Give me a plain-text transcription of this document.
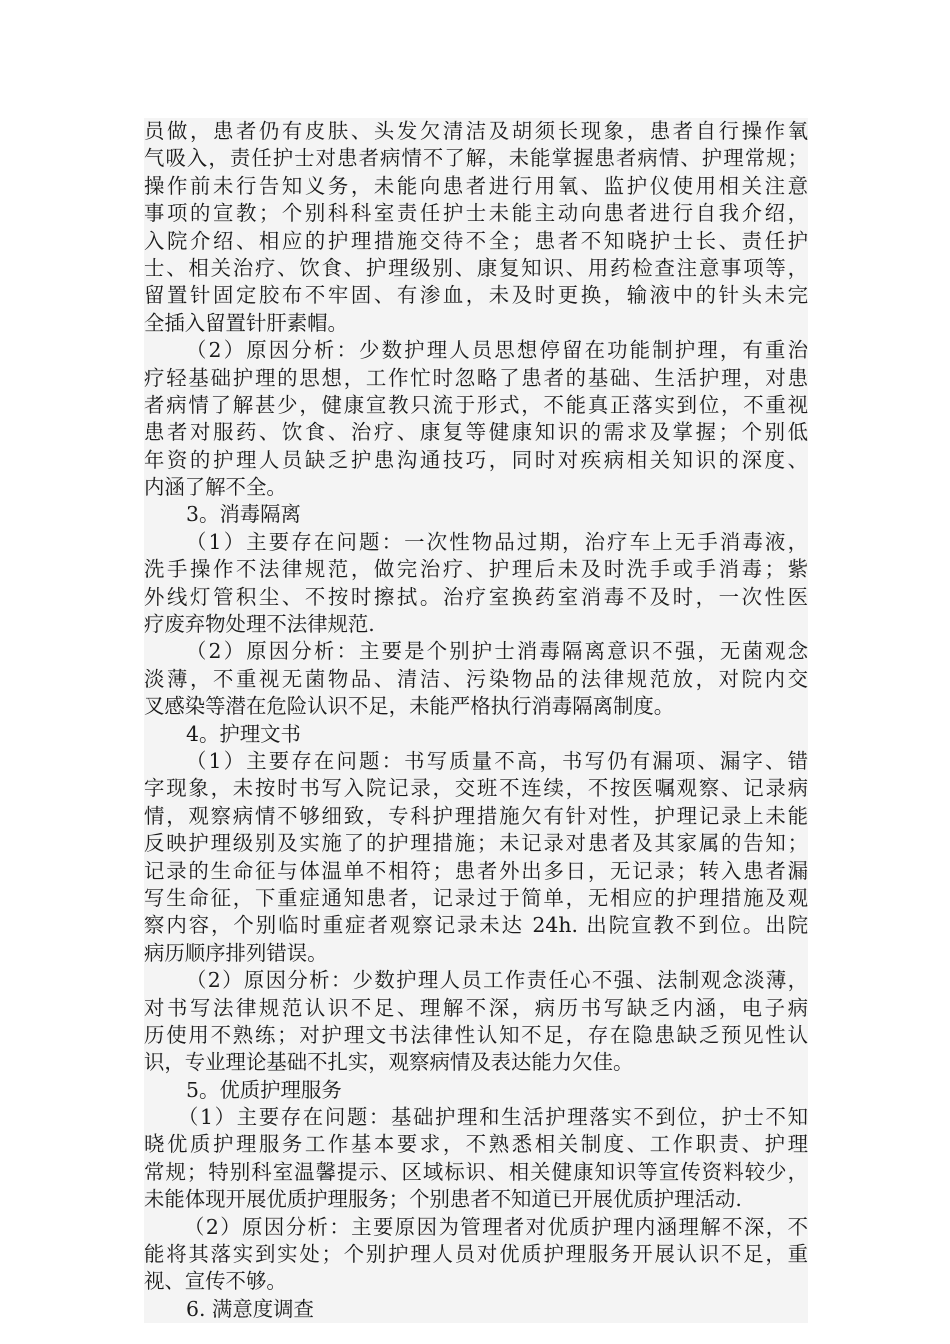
员做，患者仍有皮肤、头发欠清洁及胡须长现象，患者自行操作氧
气吸入，责任护士对患者病情不了解，未能掌握患者病情、护理常规；
操作前未行告知义务，未能向患者进行用氧、监护仪使用相关注意
事项的宣教；个别科科室责任护士未能主动向患者进行自我介绍，
入院介绍、相应的护理措施交待不全；患者不知晓护士长、责任护
士、相关治疗、饮食、护理级别、康复知识、用药检查注意事项等，
留置针固定胶布不牢固、有渗血，未及时更换，输液中的针头未完
全插入留置针肝素帽。
（2）原因分析：少数护理人员思想停留在功能制护理，有重治
疗轻基础护理的思想，工作忙时忽略了患者的基础、生活护理，对患
者病情了解甚少，健康宣教只流于形式，不能真正落实到位，不重视
患者对服药、饮食、治疗、康复等健康知识的需求及掌握；个别低
年资的护理人员缺乏护患沟通技巧，同时对疾病相关知识的深度、
内涵了解不全。
3。消毒隔离
（1）主要存在问题：一次性物品过期，治疗车上无手消毒液，
洗手操作不法律规范，做完治疗、护理后未及时洗手或手消毒；紫
外线灯管积尘、不按时擦拭。治疗室换药室消毒不及时，一次性医
疗废弃物处理不法律规范.
（2）原因分析：主要是个别护士消毒隔离意识不强，无菌观念
淡薄，不重视无菌物品、清洁、污染物品的法律规范放，对院内交
叉感染等潜在危险认识不足，未能严格执行消毒隔离制度。
4。护理文书
（1）主要存在问题：书写质量不高，书写仍有漏项、漏字、错
字现象，未按时书写入院记录，交班不连续，不按医嘱观察、记录病
情，观察病情不够细致，专科护理措施欠有针对性，护理记录上未能
反映护理级别及实施了的护理措施；未记录对患者及其家属的告知；
记录的生命征与体温单不相符；患者外出多日，无记录；转入患者漏
写生命征，下重症通知患者，记录过于简单，无相应的护理措施及观
察内容，个别临时重症者观察记录未达 24h. 出院宣教不到位。出院
病历顺序排列错误。
（2）原因分析：少数护理人员工作责任心不强、法制观念淡薄，
对书写法律规范认识不足、理解不深，病历书写缺乏内涵，电子病
历使用不熟练；对护理文书法律性认知不足，存在隐患缺乏预见性认
识，专业理论基础不扎实，观察病情及表达能力欠佳。
5。优质护理服务
（1）主要存在问题：基础护理和生活护理落实不到位，护士不知
晓优质护理服务工作基本要求，不熟悉相关制度、工作职责、护理
常规；特别科室温馨提示、区域标识、相关健康知识等宣传资料较少，
未能体现开展优质护理服务；个别患者不知道已开展优质护理活动.
（2）原因分析：主要原因为管理者对优质护理内涵理解不深，不
能将其落实到实处；个别护理人员对优质护理服务开展认识不足，重
视、宣传不够。
6. 满意度调查
